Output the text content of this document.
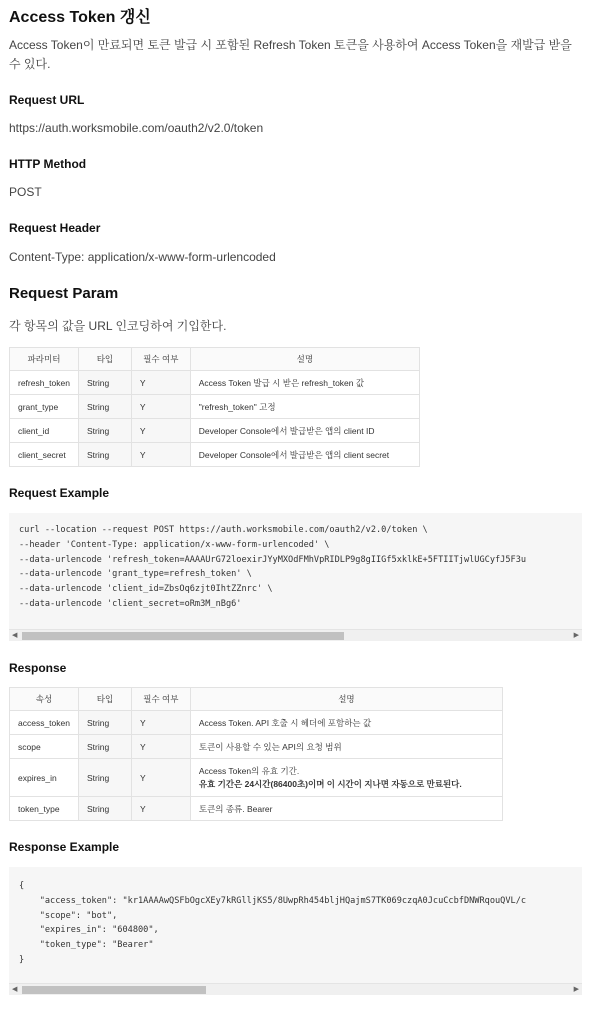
Access Token 갱신

Access Token이 만료되면 토큰 발급 시 포함된 Refresh Token 토큰을 사용하여 Access Token을 재발급 받을 수 있다.

Request URL
https://auth.worksmobile.com/oauth2/v2.0/token
HTTP Method
POST
Request Header
Content-Type: application/x-www-form-urlencoded
Request Param
각 항목의 값을 URL 인코딩하여 기입한다.
파라미터	타입	필수 여부	설명
refresh_token	String	Y	Access Token 발급 시 받은 refresh_token 값
grant_type	String	Y	"refresh_token" 고정
client_id	String	Y	Developer Console에서 발급받은 앱의 client ID
client_secret	String	Y	Developer Console에서 발급받은 앱의 client secret
Request Example
curl --location --request POST https://auth.worksmobile.com/oauth2/v2.0/token \
--header 'Content-Type: application/x-www-form-urlencoded' \
--data-urlencode 'refresh_token=AAAAUrG72loexirJYyMXOdFMhVpRIDLP9g8gIIGf5xklkE+5FTIITjwlUGCyfJ5F3u
--data-urlencode 'grant_type=refresh_token' \
--data-urlencode 'client_id=ZbsOq6zjt0IhtZZnrc' \
--data-urlencode 'client_secret=oRm3M_nBg6'
◀	▶
Response
속성	타입	필수 여부	설명
access_token	String	Y	Access Token. API 호출 시 헤더에 포함하는 값
scope	String	Y	토큰이 사용할 수 있는 API의 요청 범위
expires_in	String	Y	Access Token의 유효 기간.
유효 기간은 24시간(86400초)이며 이 시간이 지나면 자동으로 만료된다.
token_type	String	Y	토큰의 종류. Bearer
Response Example
{
"access_token": "kr1AAAAwQSFbOgcXEy7kRGlljKS5/8UwpRh454bljHQajmS7TK069czqA0JcuCcbfDNWRqouQVL/c
"scope": "bot",
"expires_in": "604800",
"token_type": "Bearer"
}
◀	▶
